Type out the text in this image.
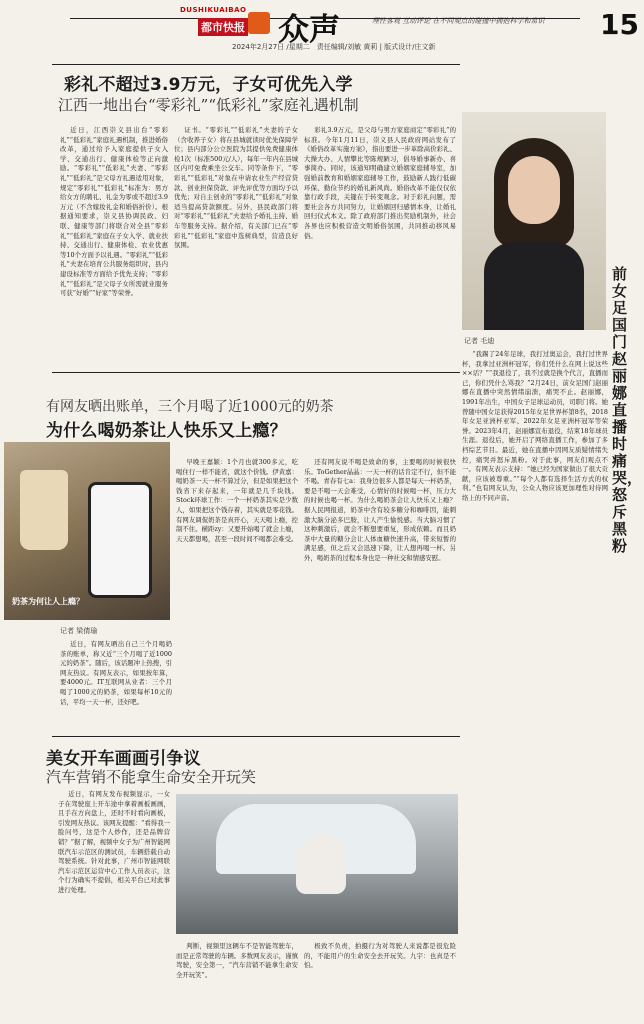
DUSHIKUAIBAO
都市快报 众声	理性客观 互动评论 在不同观点的碰撞中拥抱科学和常识 15
2024年2月27日 /星期二　责任编辑/刘敏 黄莉 | 版式设计/庄文新
彩礼不超过3.9万元，子女可优先入学
江西一地出台“零彩礼”“低彩礼”家庭礼遇机制

近日，江西崇义县出台“零彩礼”“低彩礼”家庭礼遇机制，推进婚俗改革，通过给予入家庭提供子女入学、交通出行、健康体检等正向激励。“零彩礼”“低彩礼”夫妻、“零彩礼”“低彩礼”是父母方礼遇适用对象，规定“零彩礼”“低彩礼”标准为：男方给女方的聘礼、礼金为零或不超过3.9万元（不含嫁妆礼金和婚俗折价）。根据通知要求，崇义县协调民政、妇联、健康等部门将联合对全县“零彩礼”“低彩礼”家庭在子女入学、就业扶持、交通出行、健康体检、农业优惠等10个方面予以礼遇。“零彩礼”“低彩礼”夫妻在培育公共服务组织时，县内建设标准等方面给予优先支持；“零彩礼”“低彩礼”是父母子女所需就业服务可获“好婚”“好家”等荣誉。

证书。“零彩礼”“低彩礼”夫妻的子女（含收养子女）将在县城就读时优先保障学位；县内部分公立医院为其提供免费健康体检1次（标准500元/人），每年一年内在县城区内可免费乘坐公交车。同等条件下，“零彩礼”“低彩礼”对象在申请农业生产经营贷款、创业担保贷款、评先评优等方面均予以优先；对自主创业的“零彩礼”“低彩礼”对象适当提高贷款额度。另外，县民政部门将对“零彩礼”“低彩礼”夫妻给予婚礼主持、婚车等服务支持。据介绍，有关部门已在“零彩礼”“低彩礼”家庭中选树典型，营造良好氛围。

彩礼3.9万元，是父母与男方家庭商定“零彩礼”的标准。今年1月11日，崇义县人民政府网站发布了《婚俗改革实施方案》，指出要进一步革除高价彩礼、大操大办、人情攀比等陈规陋习，倡导婚事新办、喜事简办。同时，该通知明确建立婚姻家庭辅导室，加强婚前教育和婚姻家庭辅导工作，鼓励新人践行低碳环保、勤俭节约的婚礼新风尚。婚俗改革不能仅仅依靠行政手段，关键在于转变观念。对于彩礼问题，需要社会各方共同努力，让婚姻回归感情本身，让婚礼回归仪式本义。除了政府部门推出奖励机制外，社会各界也应积极营造文明婚俗氛围，共同推动移风易俗。

有网友晒出账单，三个月喝了近1000元的奶茶
为什么喝奶茶让人快乐又上瘾？
奶茶为何让人上瘾？
记者 梁倩瑜

近日，有网友晒出自己三个月喝奶茶的账单，称又近“三个月喝了近1000元的奶茶”。随后，该话题冲上热搜，引网友热议。有网友表示，如果按年算，要4000元。IT互联网从业者：三个月喝了1000元的奶茶，如果每杯10元的话，平均一天一杯，还好吧。

早晚王嘉颖：1个月也就300多元，吃喝住行一样不能省，就这个价钱。伊黄嘉：喝奶茶一天一杯不算过分，但是如果把这个钱省下来存起来，一年就是几千块钱。Stock环球工作：一个一杯奶茶其实是少数人，如果把这个钱存着，其实就是零花钱。有网友调侃奶茶是真开心，天天喝上瘾，控制不住。横距zy：又要开始喝了就会上瘾，天天都想喝，甚至一段时间不喝都会难受。

还有网友说不喝是致命的事，主要喝的时候很快乐。ToGether晶晶：一天一杯的话肯定不行，但不能不喝。青春有七a：我身边很多人都是每天一杯奶茶，要是不喝一天会难受，心情好的时候喝一杯，压力大的时候也喝一杯。为什么喝奶茶会让人快乐又上瘾？据人民网报道，奶茶中含有较多糖分和咖啡因，能刺激大脑分泌多巴胺，让人产生愉悦感。当大脑习惯了这种刺激后，就会不断想要重复，形成依赖。而且奶茶中大量的糖分会让人体血糖快速升高，带来短暂的满足感，但之后又会迅速下降，让人想再喝一杯。另外，喝奶茶的过程本身也是一种社交和情感安慰。

美女开车画画引争议
汽车营销不能拿生命安全开玩笑

近日，有网友发布视频显示，一女子在驾驶座上开车途中拿着画板画画，且手在方向盘上，还时不时看向画板，引发网友热议。该网友提醒：“看得我一脸问号，这是个人炒作，还是品牌营销？”据了解，视频中女子为广州智能网联汽车示范区的测试员，车辆搭载自动驾驶系统。针对此事，广州市智能网联汽车示范区运营中心工作人员表示，这个行为确实不提倡，相关平台已对此事进行处理。

判断，视频里这辆车不是智能驾驶车，而是正常驾驶的车辆。多数网友表示，谨慎驾驶，安全第一，“汽车营销不能拿生命安全开玩笑”。

极致不负责，拍摄行为对驾驶人来说都是很危险的，不能用户的生命安全去开玩笑。九宇：也真是不怕。

记者 毛迪
前女足国门赵丽娜直播时痛哭，怒斥黑粉

“我踢了24年足球，我打过奥运会，我打过世界杯，我拿过亚洲杯冠军，你们凭什么在网上说这些××话？”“我退役了，我不过就是换个代言，直播而已，你们凭什么骂我？”2月24日，前女足国门赵丽娜在直播中突然情绪崩溃，痛哭不止。赵丽娜，1991年出生，中国女子足球运动员，司职门将。她曾随中国女足获得2015年女足世界杯第8名，2018年女足亚洲杯亚军、2022年女足亚洲杯冠军等荣誉。2023年4月，赵丽娜宣布退役，结束18年球员生涯。退役后，她开启了网络直播工作，参加了多档综艺节目。最近，她在直播中因网友质疑情绪失控，痛哭并怒斥黑粉。对于此事，网友们观点不一。有网友表示支持：“她已经为国家做出了很大贡献，应该被尊重。”“每个人都有选择生活方式的权利。”也有网友认为，公众人物应该更加理性对待网络上的不同声音。
